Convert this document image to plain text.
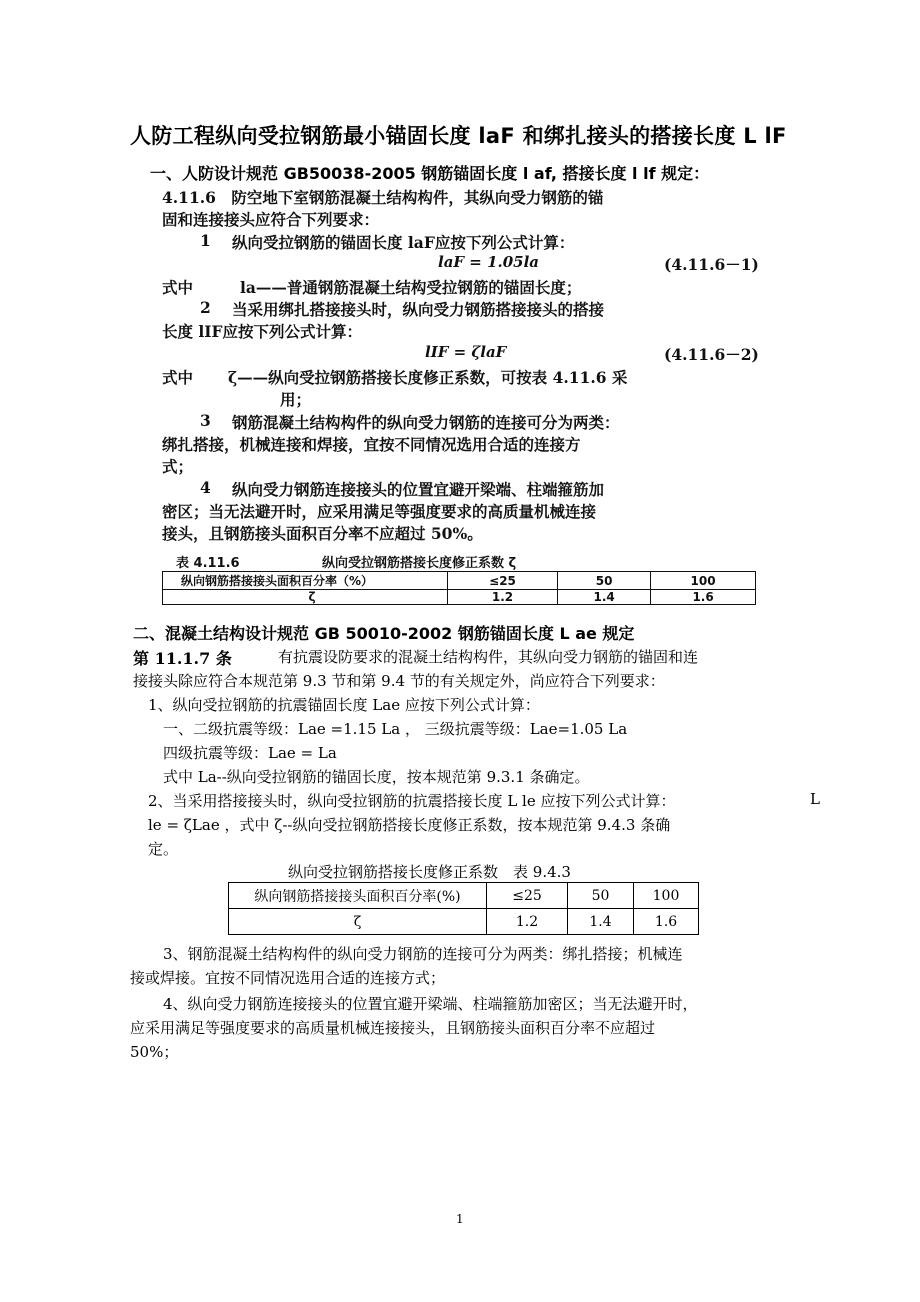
人防工程纵向受拉钢筋最小锚固长度 laF 和绑扎接头的搭接长度 L lF
一、人防设计规范 GB50038-2005 钢筋锚固长度 l af, 搭接长度 l lf 规定：
4.11.6　防空地下室钢筋混凝土结构构件，其纵向受力钢筋的锚
固和连接接头应符合下列要求：
1 纵向受拉钢筋的锚固长度 laF应按下列公式计算：
laF = 1.05la	(4.11.6－1)
式中	la——普通钢筋混凝土结构受拉钢筋的锚固长度；
2 当采用绑扎搭接接头时，纵向受力钢筋搭接接头的搭接
长度 lIF应按下列公式计算：
lIF = ζlaF	(4.11.6－2)
式中 ζ——纵向受拉钢筋搭接长度修正系数，可按表 4.11.6 采
用；
3 钢筋混凝土结构构件的纵向受力钢筋的连接可分为两类：
绑扎搭接，机械连接和焊接，宜按不同情况选用合适的连接方
式；
4 纵向受力钢筋连接接头的位置宜避开梁端、柱端箍筋加
密区；当无法避开时，应采用满足等强度要求的高质量机械连接
接头，且钢筋接头面积百分率不应超过 50%。
表 4.11.6	纵向受拉钢筋搭接长度修正系数 ζ
纵向钢筋搭接接头面积百分率（%）	≤25	50	100
ζ	1.2	1.4	1.6
二、混凝土结构设计规范 GB 50010-2002 钢筋锚固长度 L ae 规定
第 11.1.7 条	有抗震设防要求的混凝土结构构件，其纵向受力钢筋的锚固和连
接接头除应符合本规范第 9.3 节和第 9.4 节的有关规定外，尚应符合下列要求：
1、纵向受拉钢筋的抗震锚固长度 Lae 应按下列公式计算：
一、二级抗震等级：Lae =1.15 La ， 三级抗震等级：Lae=1.05 La
四级抗震等级：Lae = La
式中 La--纵向受拉钢筋的锚固长度，按本规范第 9.3.1 条确定。
2、当采用搭接接头时，纵向受拉钢筋的抗震搭接长度 L le 应按下列公式计算：	L
le = ζLae ，式中 ζ--纵向受拉钢筋搭接长度修正系数，按本规范第 9.4.3 条确
定。
纵向受拉钢筋搭接长度修正系数　表 9.4.3
纵向钢筋搭接接头面积百分率(%)	≤25	50	100
ζ	1.2	1.4	1.6
3、钢筋混凝土结构构件的纵向受力钢筋的连接可分为两类：绑扎搭接；机械连
接或焊接。宜按不同情况选用合适的连接方式；
4、纵向受力钢筋连接接头的位置宜避开梁端、柱端箍筋加密区；当无法避开时，
应采用满足等强度要求的高质量机械连接接头，且钢筋接头面积百分率不应超过
50%；
1
